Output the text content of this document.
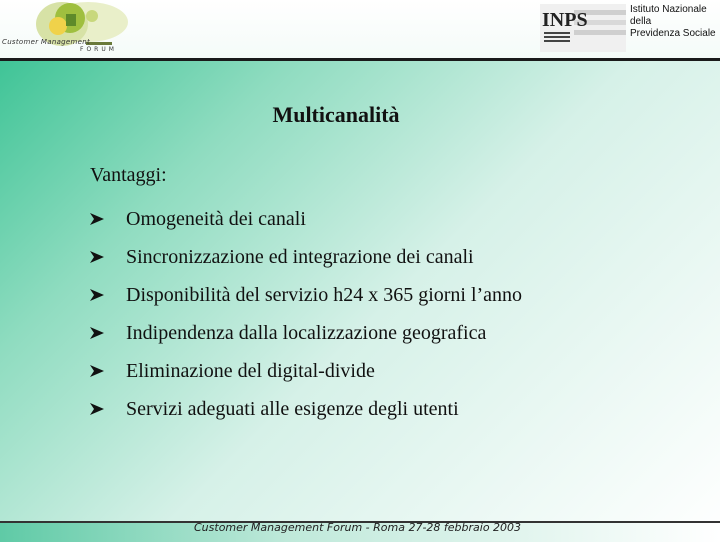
Customer Management
FORUM
INPS	Istituto Nazionale
della
Previdenza Sociale
Multicanalità
Vantaggi:
Omogeneità dei canali
Sincronizzazione ed integrazione dei canali
Disponibilità del servizio h24 x 365 giorni l’anno
Indipendenza dalla localizzazione geografica
Eliminazione del digital-divide
Servizi adeguati alle esigenze degli utenti
Customer Management Forum - Roma 27-28 febbraio 2003
